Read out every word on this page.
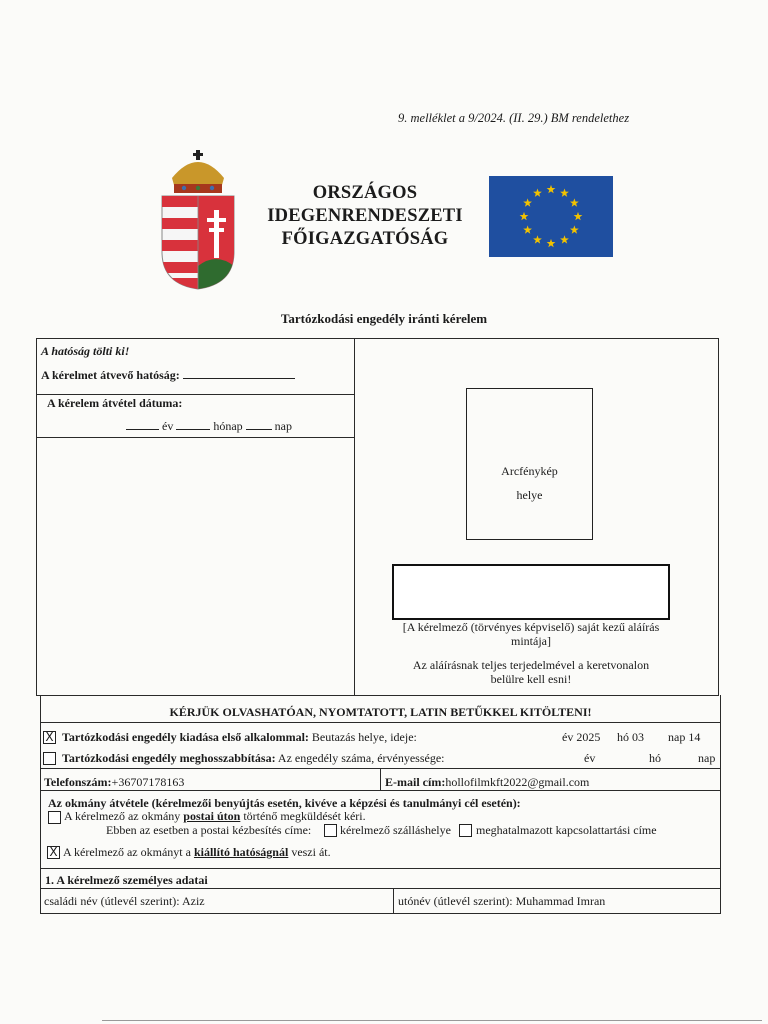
9. melléklet a 9/2024. (II. 29.) BM rendelethez
ORSZÁGOS
IDEGENRENDESZETI
FŐIGAZGATÓSÁG
Tartózkodási engedély iránti kérelem
A hatóság tölti ki!
A kérelmet átvevő hatóság:
A kérelem átvétel dátuma:
év	hónap	nap
Arcfénykép
helye
[A kérelmező (törvényes képviselő) saját kezű aláírás mintája]
Az aláírásnak teljes terjedelmével a keretvonalon belülre kell esni!
KÉRJÜK OLVASHATÓAN, NYOMTATOTT, LATIN BETŰKKEL KITÖLTENI!
X Tartózkodási engedély kiadása első alkalommal: Beutazás helye, ideje:	év 2025 hó 03 nap 14
Tartózkodási engedély meghosszabbítása: Az engedély száma, érvényessége:	év	hó	nap
Telefonszám:+36707178163	E-mail cím:hollofilmkft2022@gmail.com
Az okmány átvétele (kérelmezői benyújtás esetén, kivéve a képzési és tanulmányi cél esetén):
A kérelmező az okmány postai úton történő megküldését kéri.
Ebben az esetben a postai kézbesítés címe: kérelmező szálláshelye meghatalmazott kapcsolattartási címe
X A kérelmező az okmányt a kiállító hatóságnál veszi át.
1. A kérelmező személyes adatai
családi név (útlevél szerint): Aziz	utónév (útlevél szerint): Muhammad Imran
